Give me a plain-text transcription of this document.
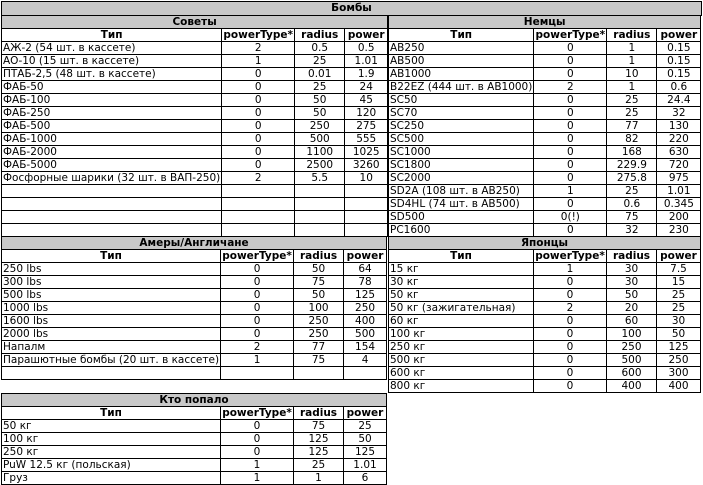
Бомбы
Советы			
Тип	powerType*	radius	power
АЖ-2 (54 шт. в кассете)	2	0.5	0.5
АО-10 (15 шт. в кассете)	1	25	1.01
ПТАБ-2,5 (48 шт. в кассете)	0	0.01	1.9
ФАБ-50	0	25	24
ФАБ-100	0	50	45
ФАБ-250	0	50	120
ФАБ-500	0	250	275
ФАБ-1000	0	500	555
ФАБ-2000	0	1100	1025
ФАБ-5000	0	2500	3260
Фосфорные шарики (32 шт. в ВАП-250)	2	5.5	10

Немцы			
Тип	powerType*	radius	power
AB250	0	1	0.15
AB500	0	1	0.15
AB1000	0	10	0.15
B22EZ (444 шт. в AB1000)	2	1	0.6
SC50	0	25	24.4
SC70	0	25	32
SC250	0	77	130
SC500	0	82	220
SC1000	0	168	630
SC1800	0	229.9	720
SC2000	0	275.8	975
SD2A (108 шт. в AB250)	1	25	1.01
SD4HL (74 шт. в AB500)	0	0.6	0.345
SD500	0(!)	75	200
PC1600	0	32	230
Амеры/Англичане			
Тип	powerType*	radius	power
250 lbs	0	50	64
300 lbs	0	75	78
500 lbs	0	50	125
1000 lbs	0	100	250
1600 lbs	0	250	400
2000 lbs	0	250	500
Напалм	2	77	154
Парашютные бомбы (20 шт. в кассете)	1	75	4

Японцы			
Тип	powerType*	radius	power
15 кг	1	30	7.5
30 кг	0	30	15
50 кг	0	50	25
50 кг (зажигательная)	2	20	25
60 кг	0	60	30
100 кг	0	100	50
250 кг	0	250	125
500 кг	0	500	250
600 кг	0	600	300
800 кг	0	400	400
Кто попало			
Тип	powerType*	radius	power
50 кг	0	75	25
100 кг	0	125	50
250 кг	0	125	125
PuW 12.5 кг (польская)	1	25	1.01
Груз	1	1	6
